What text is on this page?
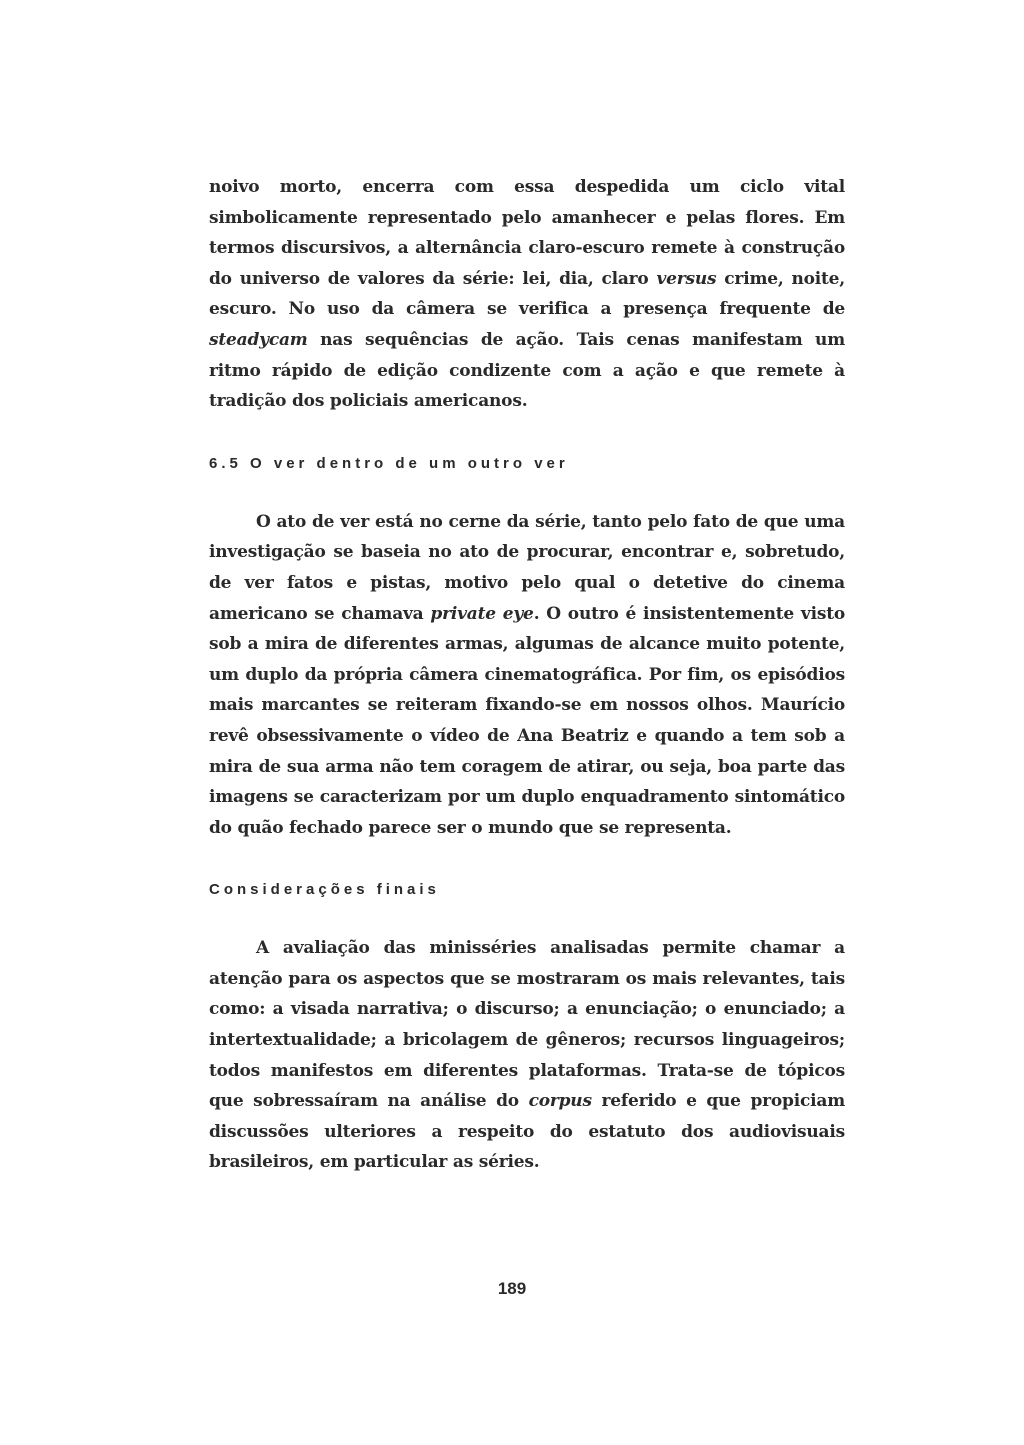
noivo morto, encerra com essa despedida um ciclo vital simbolicamente representado pelo amanhecer e pelas flores. Em termos discursivos, a alternância claro-escuro remete à construção do universo de valores da série: lei, dia, claro versus crime, noite, escuro. No uso da câmera se verifica a presença frequente de steadycam nas sequências de ação. Tais cenas manifestam um ritmo rápido de edição condizente com a ação e que remete à tradição dos policiais americanos.

6.5 O ver dentro de um outro ver

O ato de ver está no cerne da série, tanto pelo fato de que uma investigação se baseia no ato de procurar, encontrar e, sobretudo, de ver fatos e pistas, motivo pelo qual o detetive do cinema americano se chamava private eye. O outro é insistentemente visto sob a mira de diferentes armas, algumas de alcance muito potente, um duplo da própria câmera cinematográfica. Por fim, os episódios mais marcantes se reiteram fixando-se em nossos olhos. Maurício revê obsessivamente o vídeo de Ana Beatriz e quando a tem sob a mira de sua arma não tem coragem de atirar, ou seja, boa parte das imagens se caracterizam por um duplo enquadramento sintomático do quão fechado parece ser o mundo que se representa.

Considerações finais

A avaliação das minisséries analisadas permite chamar a atenção para os aspectos que se mostraram os mais relevantes, tais como: a visada narrativa; o discurso; a enunciação; o enunciado; a intertextualidade; a bricolagem de gêneros; recursos linguageiros; todos manifestos em diferentes plataformas. Trata-se de tópicos que sobressaíram na análise do corpus referido e que propiciam discussões ulteriores a respeito do estatuto dos audiovisuais brasileiros, em particular as séries.

189
